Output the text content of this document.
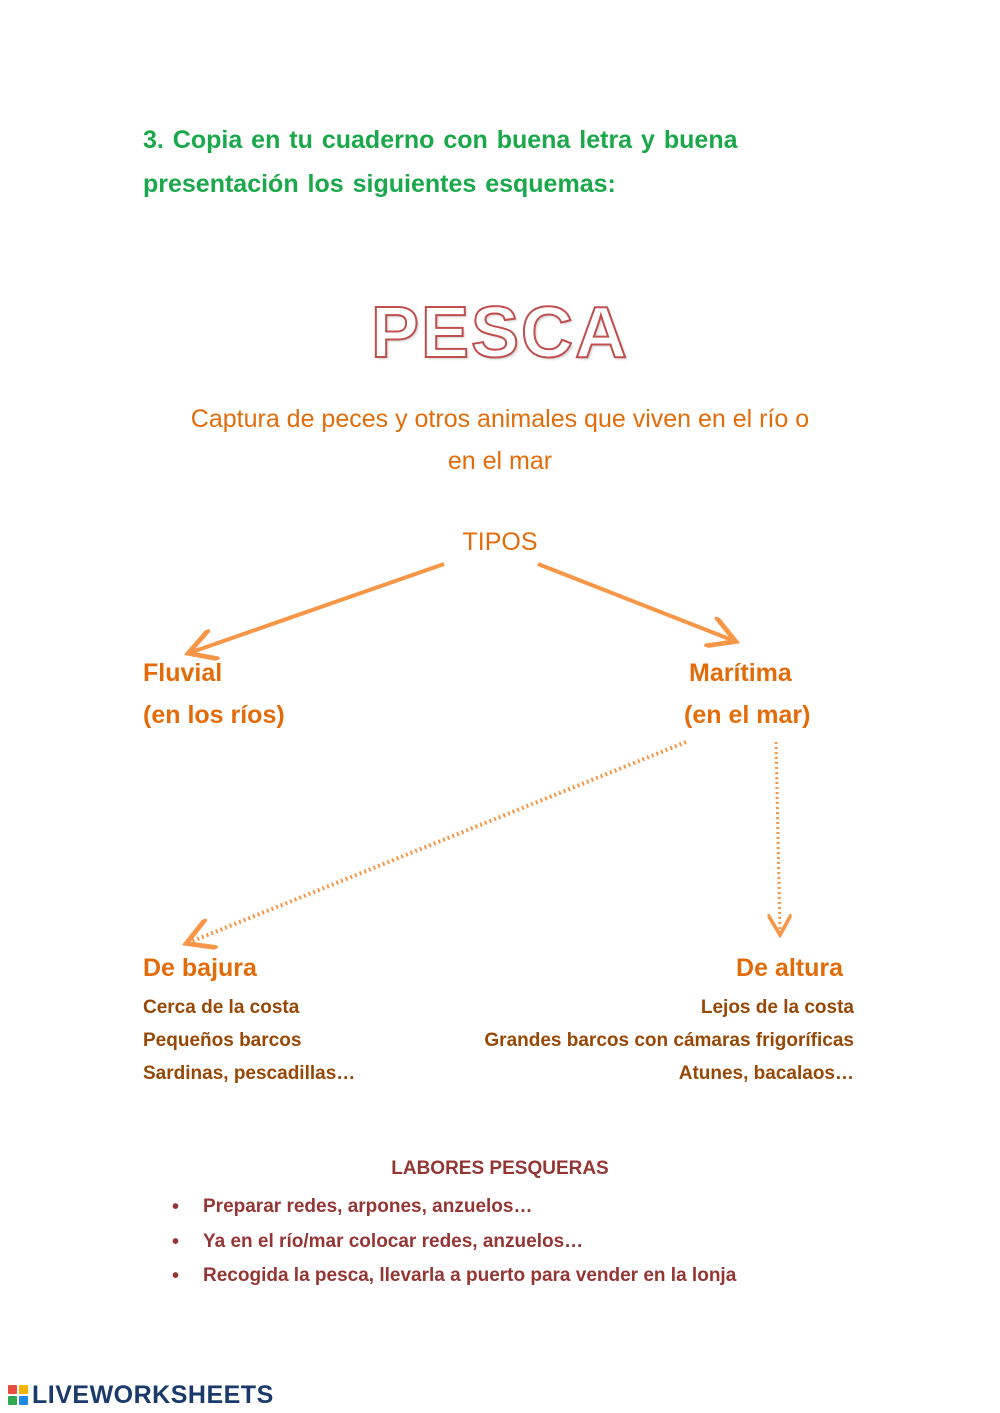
3. Copia en tu cuaderno con buena letra y buena
presentación los siguientes esquemas:
PESCA
Captura de peces y otros animales que viven en el río o
en el mar
TIPOS
Fluvial
(en los ríos)
Marítima
(en el mar)
De bajura
Cerca de la costa
Pequeños barcos
Sardinas, pescadillas…
De altura
Lejos de la costa
Grandes barcos con cámaras frigoríficas
Atunes, bacalaos…
LABORES PESQUERAS
• Preparar redes, arpones, anzuelos…
• Ya en el río/mar colocar redes, anzuelos…
• Recogida la pesca, llevarla a puerto para vender en la lonja
LIVEWORKSHEETS
